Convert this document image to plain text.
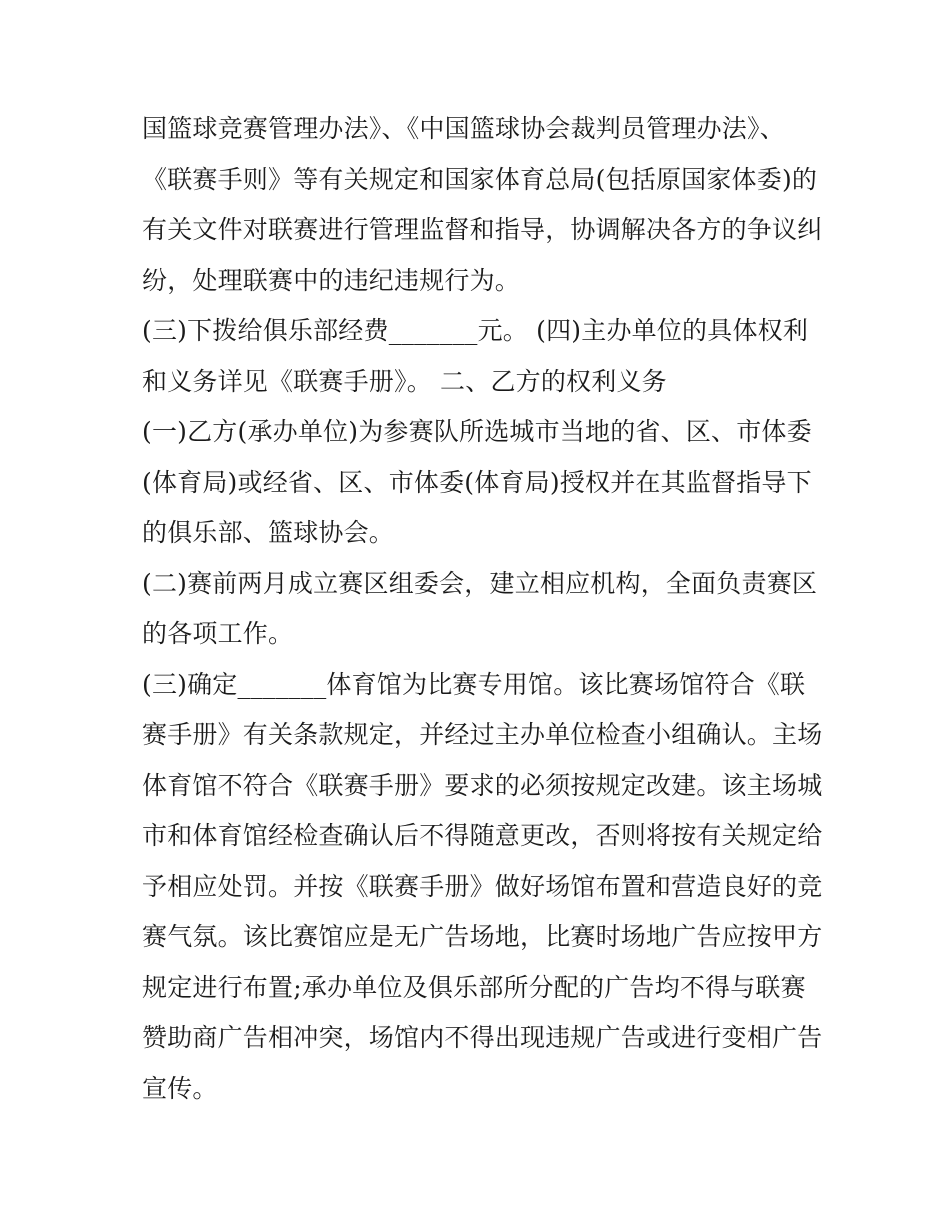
国篮球竞赛管理办法》、《中国篮球协会裁判员管理办法》、
《联赛手则》等有关规定和国家体育总局(包括原国家体委)的
有关文件对联赛进行管理监督和指导，协调解决各方的争议纠
纷，处理联赛中的违纪违规行为。
(三)下拨给俱乐部经费_______元。 (四)主办单位的具体权利
和义务详见《联赛手册》。 二、乙方的权利义务
(一)乙方(承办单位)为参赛队所选城市当地的省、区、市体委
(体育局)或经省、区、市体委(体育局)授权并在其监督指导下
的俱乐部、篮球协会。
(二)赛前两月成立赛区组委会，建立相应机构，全面负责赛区
的各项工作。
(三)确定_______体育馆为比赛专用馆。该比赛场馆符合《联
赛手册》有关条款规定，并经过主办单位检查小组确认。主场
体育馆不符合《联赛手册》要求的必须按规定改建。该主场城
市和体育馆经检查确认后不得随意更改，否则将按有关规定给
予相应处罚。并按《联赛手册》做好场馆布置和营造良好的竞
赛气氛。该比赛馆应是无广告场地，比赛时场地广告应按甲方
规定进行布置;承办单位及俱乐部所分配的广告均不得与联赛
赞助商广告相冲突，场馆内不得出现违规广告或进行变相广告
宣传。
